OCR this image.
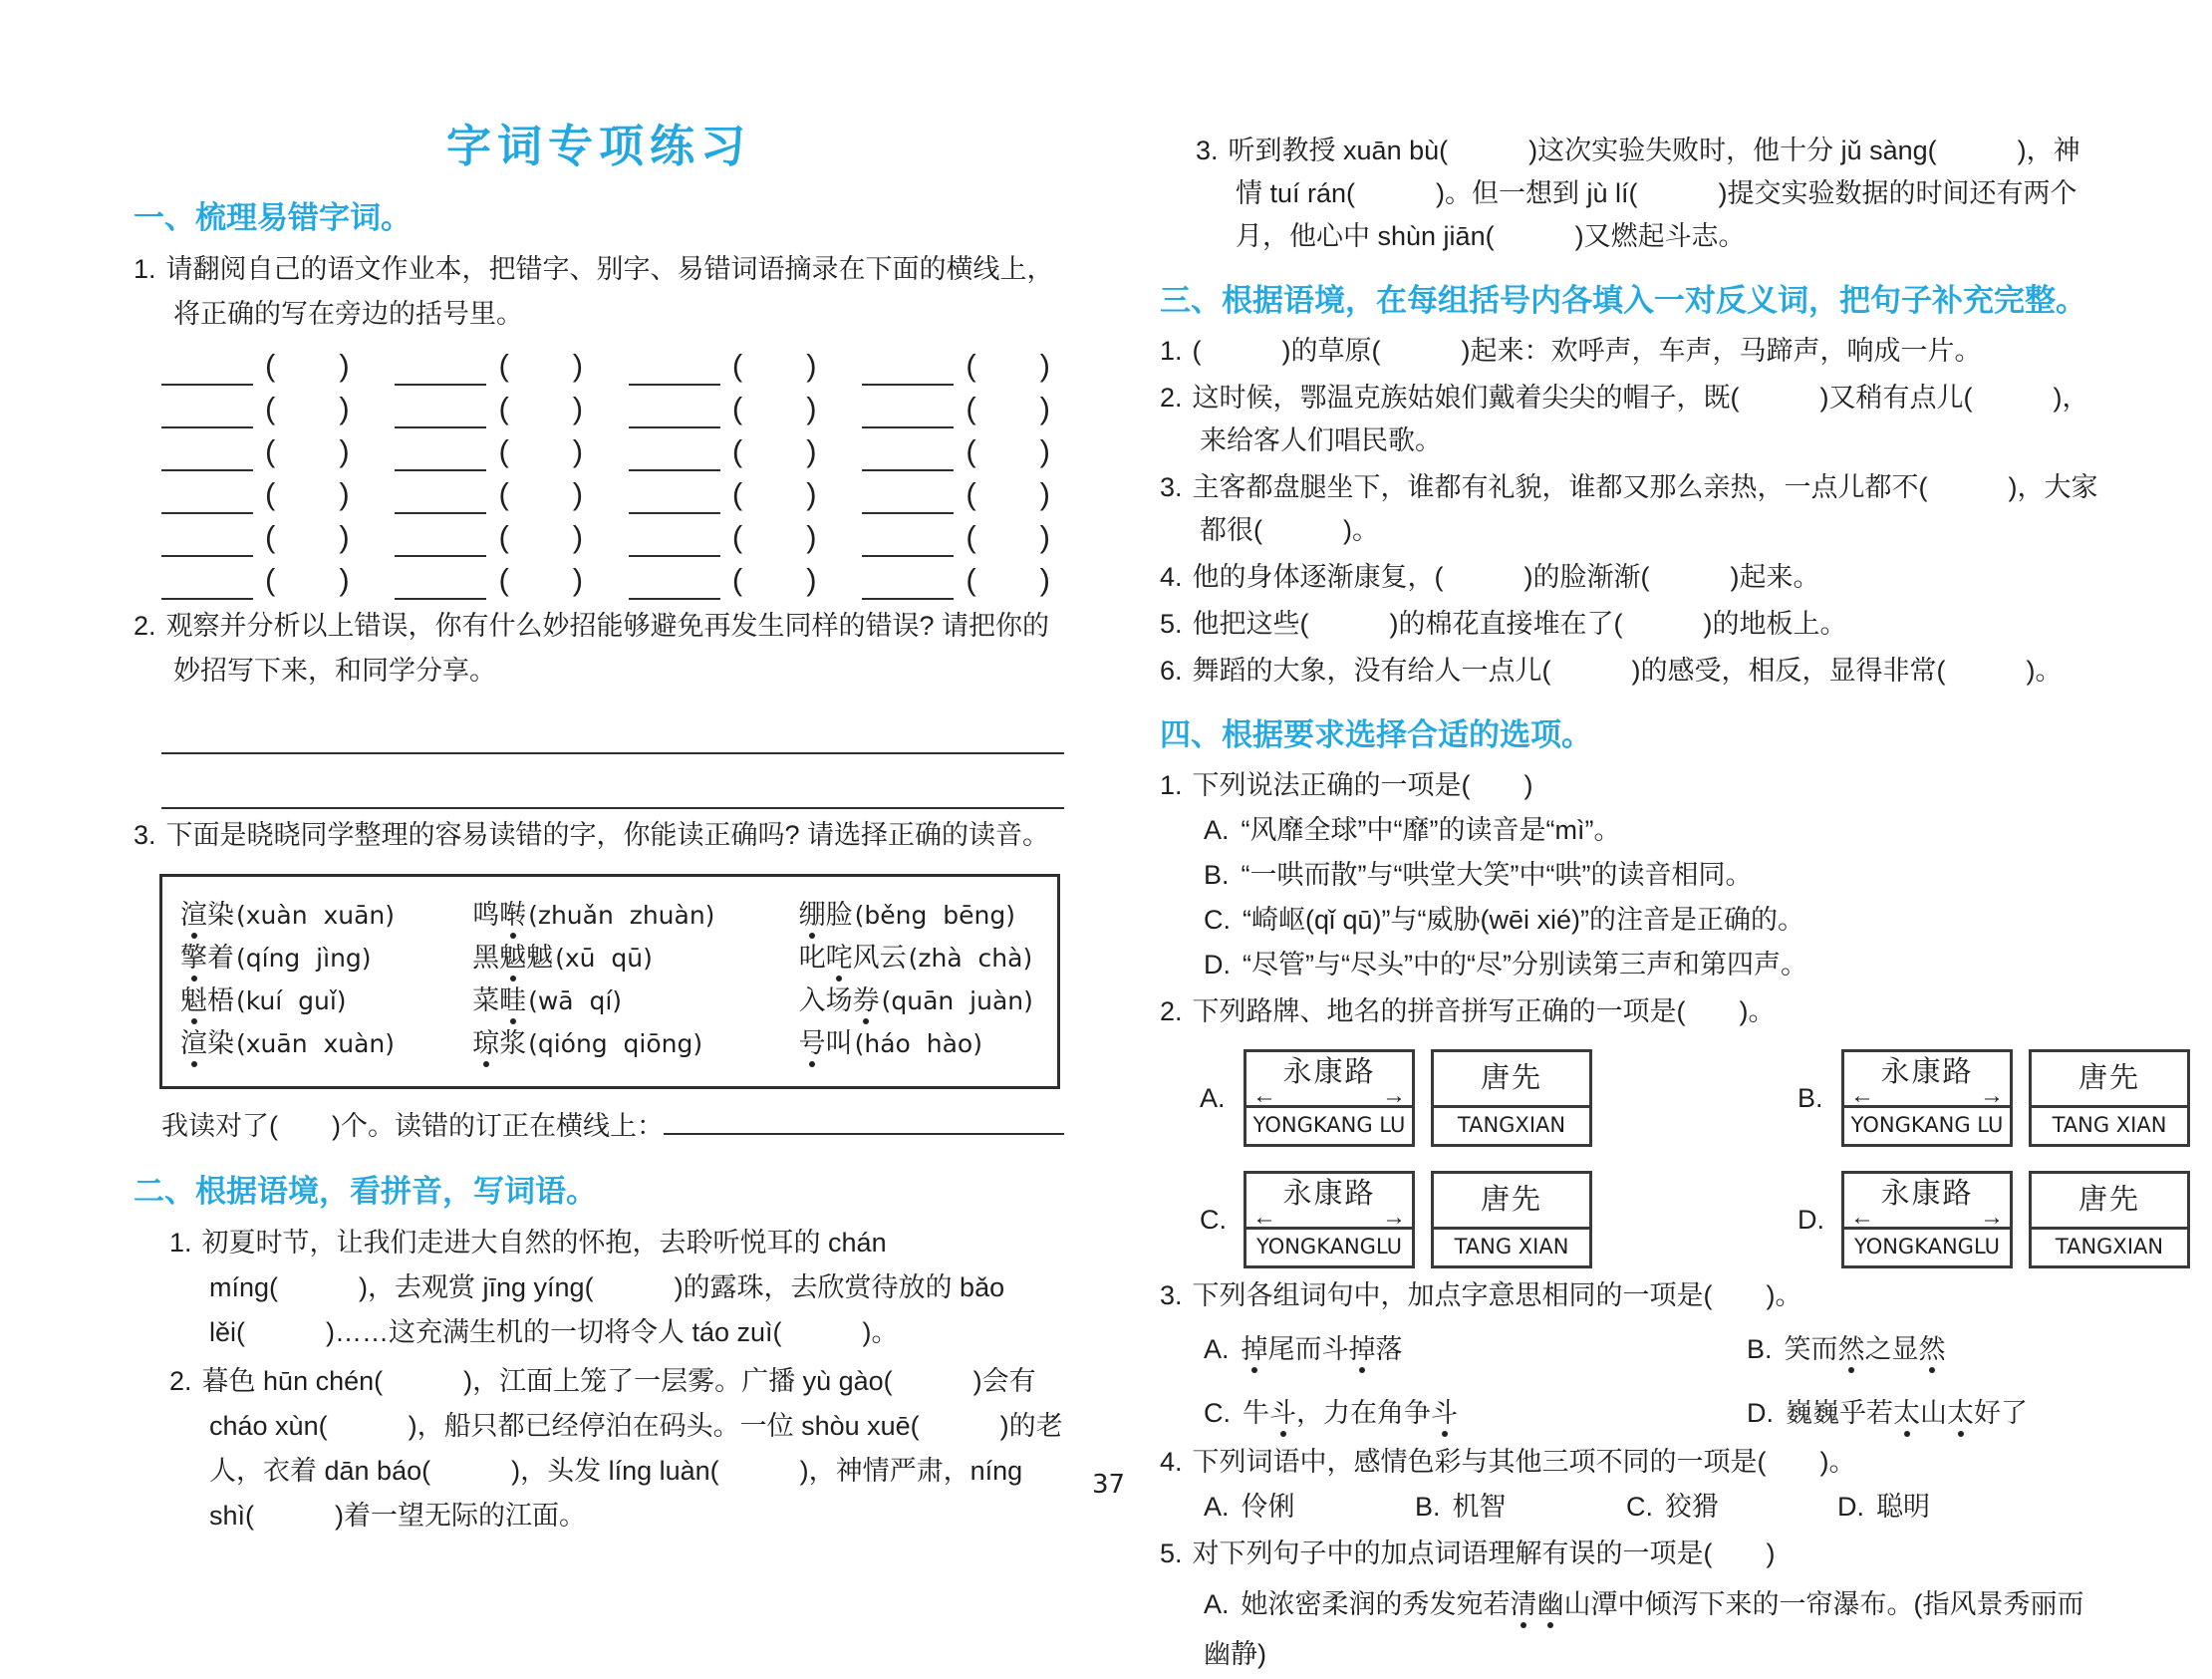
字词专项练习
一、梳理易错字词。
1. 请翻阅自己的语文作业本，把错字、别字、易错词语摘录在下面的横线上，将正确的写在旁边的括号里。
( )	( )	( )	( )
( )	( )	( )	( )
( )	( )	( )	( )
( )	( )	( )	( )
( )	( )	( )	( )
( )	( )	( )	( )
2. 观察并分析以上错误，你有什么妙招能够避免再发生同样的错误? 请把你的妙招写下来，和同学分享。
3. 下面是晓晓同学整理的容易读错的字，你能读正确吗? 请选择正确的读音。
渲染 (xuàn  xuān)	鸣啭 (zhuǎn  zhuàn)	绷脸 (běng  bēng)
擎着 (qíng  jìng)	黑魆魆 (xū  qū)	叱咤风云 (zhà  chà)
魁梧 (kuí  guǐ)	菜畦 (wā  qí)	入场券 (quān  juàn)
渲染 (xuān  xuàn)	琼浆 (qióng  qiōng)	号叫 (háo  hào)
我读对了(　　)个。读错的订正在横线上：
二、根据语境，看拼音，写词语。
1. 初夏时节，让我们走进大自然的怀抱，去聆听悦耳的 chán míng(　　　)，去观赏 jīng yíng(　　　)的露珠，去欣赏待放的 bǎo lěi(　　　)……这充满生机的一切将令人 táo zuì(　　　)。
2. 暮色 hūn chén(　　　)，江面上笼了一层雾。广播 yù gào(　　　)会有 cháo xùn(　　　)，船只都已经停泊在码头。一位 shòu xuē(　　　)的老人，衣着 dān báo(　　　)，头发 líng luàn(　　　)，神情严肃，níng shì(　　　)着一望无际的江面。
3. 听到教授 xuān bù(　　　)这次实验失败时，他十分 jǔ sàng(　　　)，神情 tuí rán(　　　)。但一想到 jù lí(　　　)提交实验数据的时间还有两个月，他心中 shùn jiān(　　　)又燃起斗志。
三、根据语境，在每组括号内各填入一对反义词，把句子补充完整。
1. (　　　)的草原(　　　)起来：欢呼声，车声，马蹄声，响成一片。
2. 这时候，鄂温克族姑娘们戴着尖尖的帽子，既(　　　)又稍有点儿(　　　)，来给客人们唱民歌。
3. 主客都盘腿坐下，谁都有礼貌，谁都又那么亲热，一点儿都不(　　　)，大家都很(　　　)。
4. 他的身体逐渐康复，(　　　)的脸渐渐(　　　)起来。
5. 他把这些(　　　)的棉花直接堆在了(　　　)的地板上。
6. 舞蹈的大象，没有给人一点儿(　　　)的感受，相反，显得非常(　　　)。
四、根据要求选择合适的选项。
1. 下列说法正确的一项是(　　)
A. “风靡全球”中“靡”的读音是“mì”。
B. “一哄而散”与“哄堂大笑”中“哄”的读音相同。
C. “崎岖(qǐ qū)”与“威胁(wēi xié)”的注音是正确的。
D. “尽管”与“尽头”中的“尽”分别读第三声和第四声。
2. 下列路牌、地名的拼音拼写正确的一项是(　　)。
A.
永康路
←	→
YONGKANG LU
唐先
TANGXIAN
B.
永康路
←	→
YONGKANG LU
唐先
TANG XIAN
C.
永康路
←	→
YONGKANGLU
唐先
TANG XIAN
D.
永康路
←	→
YONGKANGLU
唐先
TANGXIAN
3. 下列各组词句中，加点字意思相同的一项是(　　)。
A. 掉尾而斗 掉落	B. 笑而然之 显然
C. 牛斗，力在角 争斗	D. 巍巍乎若太山 太好了
4. 下列词语中，感情色彩与其他三项不同的一项是(　　)。
A. 伶俐	B. 机智	C. 狡猾	D. 聪明
5. 对下列句子中的加点词语理解有误的一项是(　　)
A. 她浓密柔润的秀发宛若清幽山潭中倾泻下来的一帘瀑布。(指风景秀丽而幽静)
37
